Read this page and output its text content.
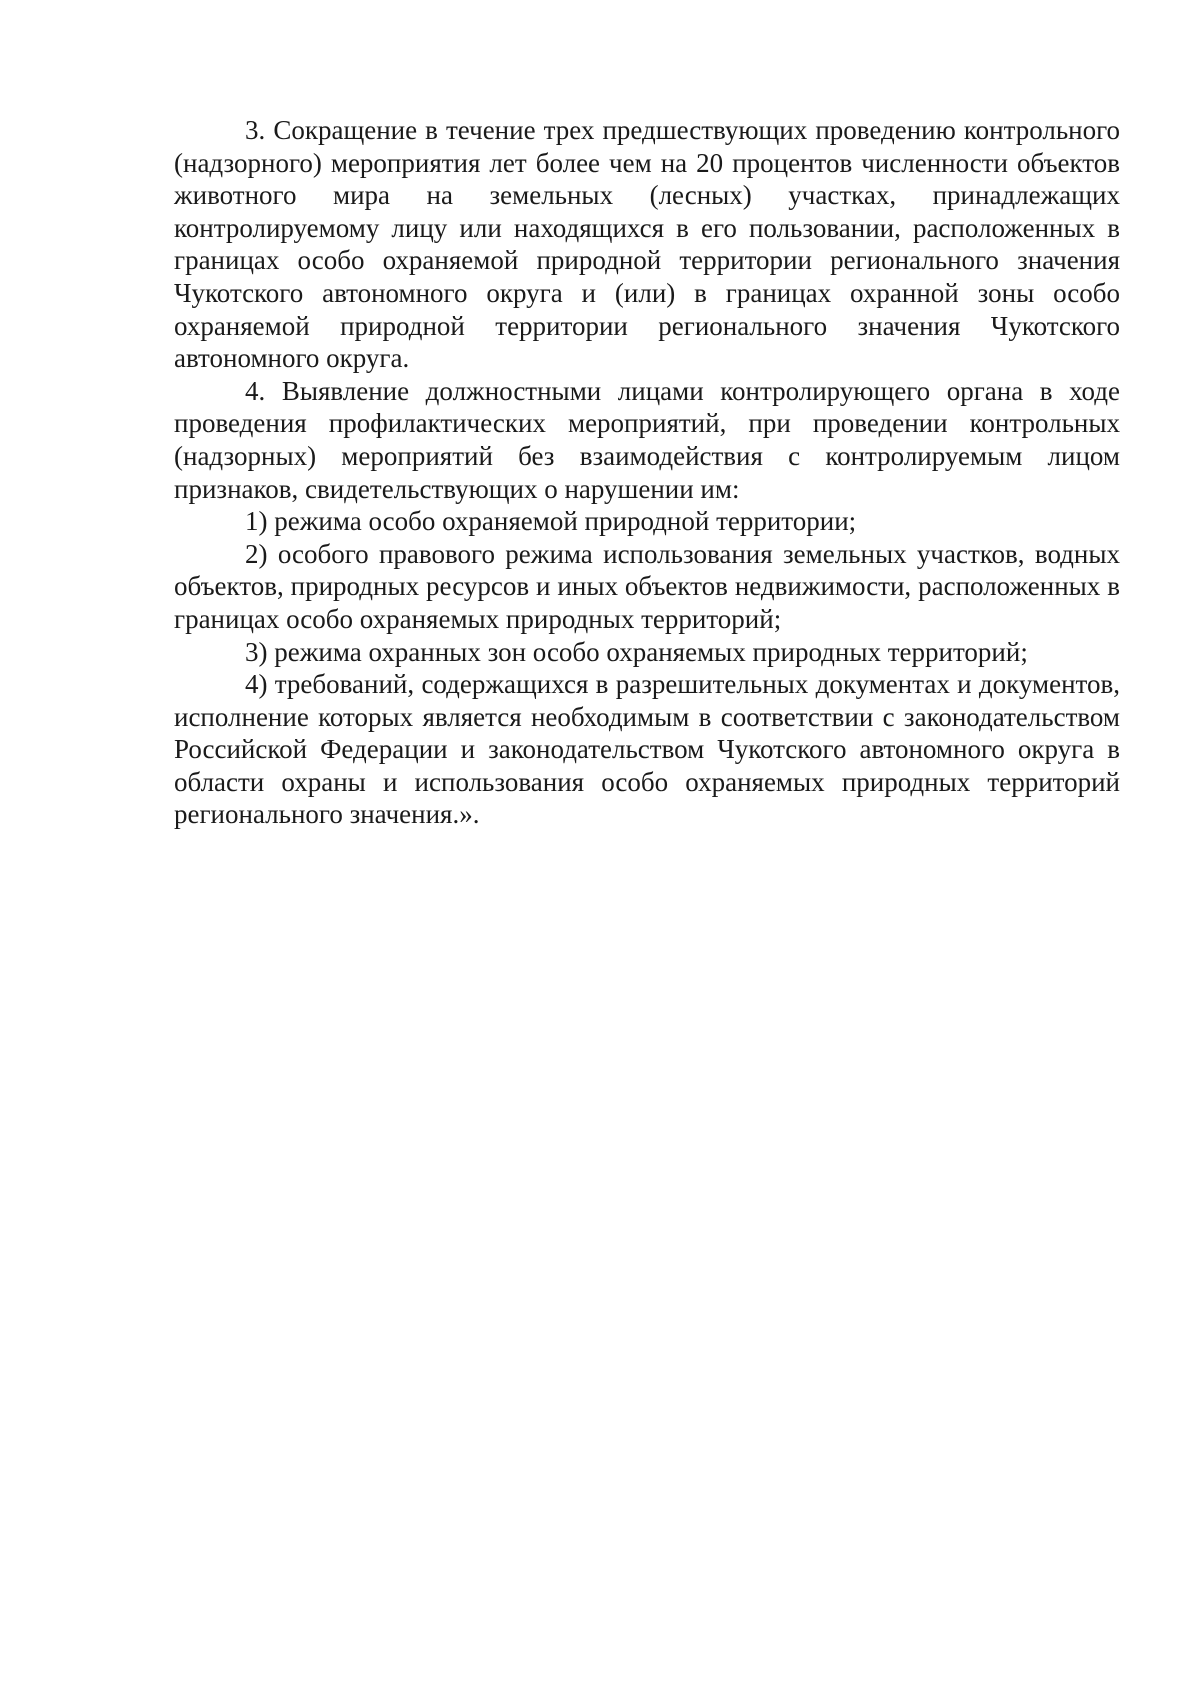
3. Сокращение в течение трех предшествующих проведению контрольного (надзорного) мероприятия лет более чем на 20 процентов численности объектов животного мира на земельных (лесных) участках, принадлежащих контролируемому лицу или находящихся в его пользовании, расположенных в границах особо охраняемой природной территории регионального значения Чукотского автономного округа и (или) в границах охранной зоны особо охраняемой природной территории регионального значения Чукотского автономного округа.

4. Выявление должностными лицами контролирующего органа в ходе проведения профилактических мероприятий, при проведении контрольных (надзорных) мероприятий без взаимодействия с контролируемым лицом признаков, свидетельствующих о нарушении им:

1) режима особо охраняемой природной территории;

2) особого правового режима использования земельных участков, водных объектов, природных ресурсов и иных объектов недвижимости, расположенных в границах особо охраняемых природных территорий;

3) режима охранных зон особо охраняемых природных территорий;

4) требований, содержащихся в разрешительных документах и документов, исполнение которых является необходимым в соответствии с законодательством Российской Федерации и законодательством Чукотского автономного округа в области охраны и использования особо охраняемых природных территорий регионального значения.».
